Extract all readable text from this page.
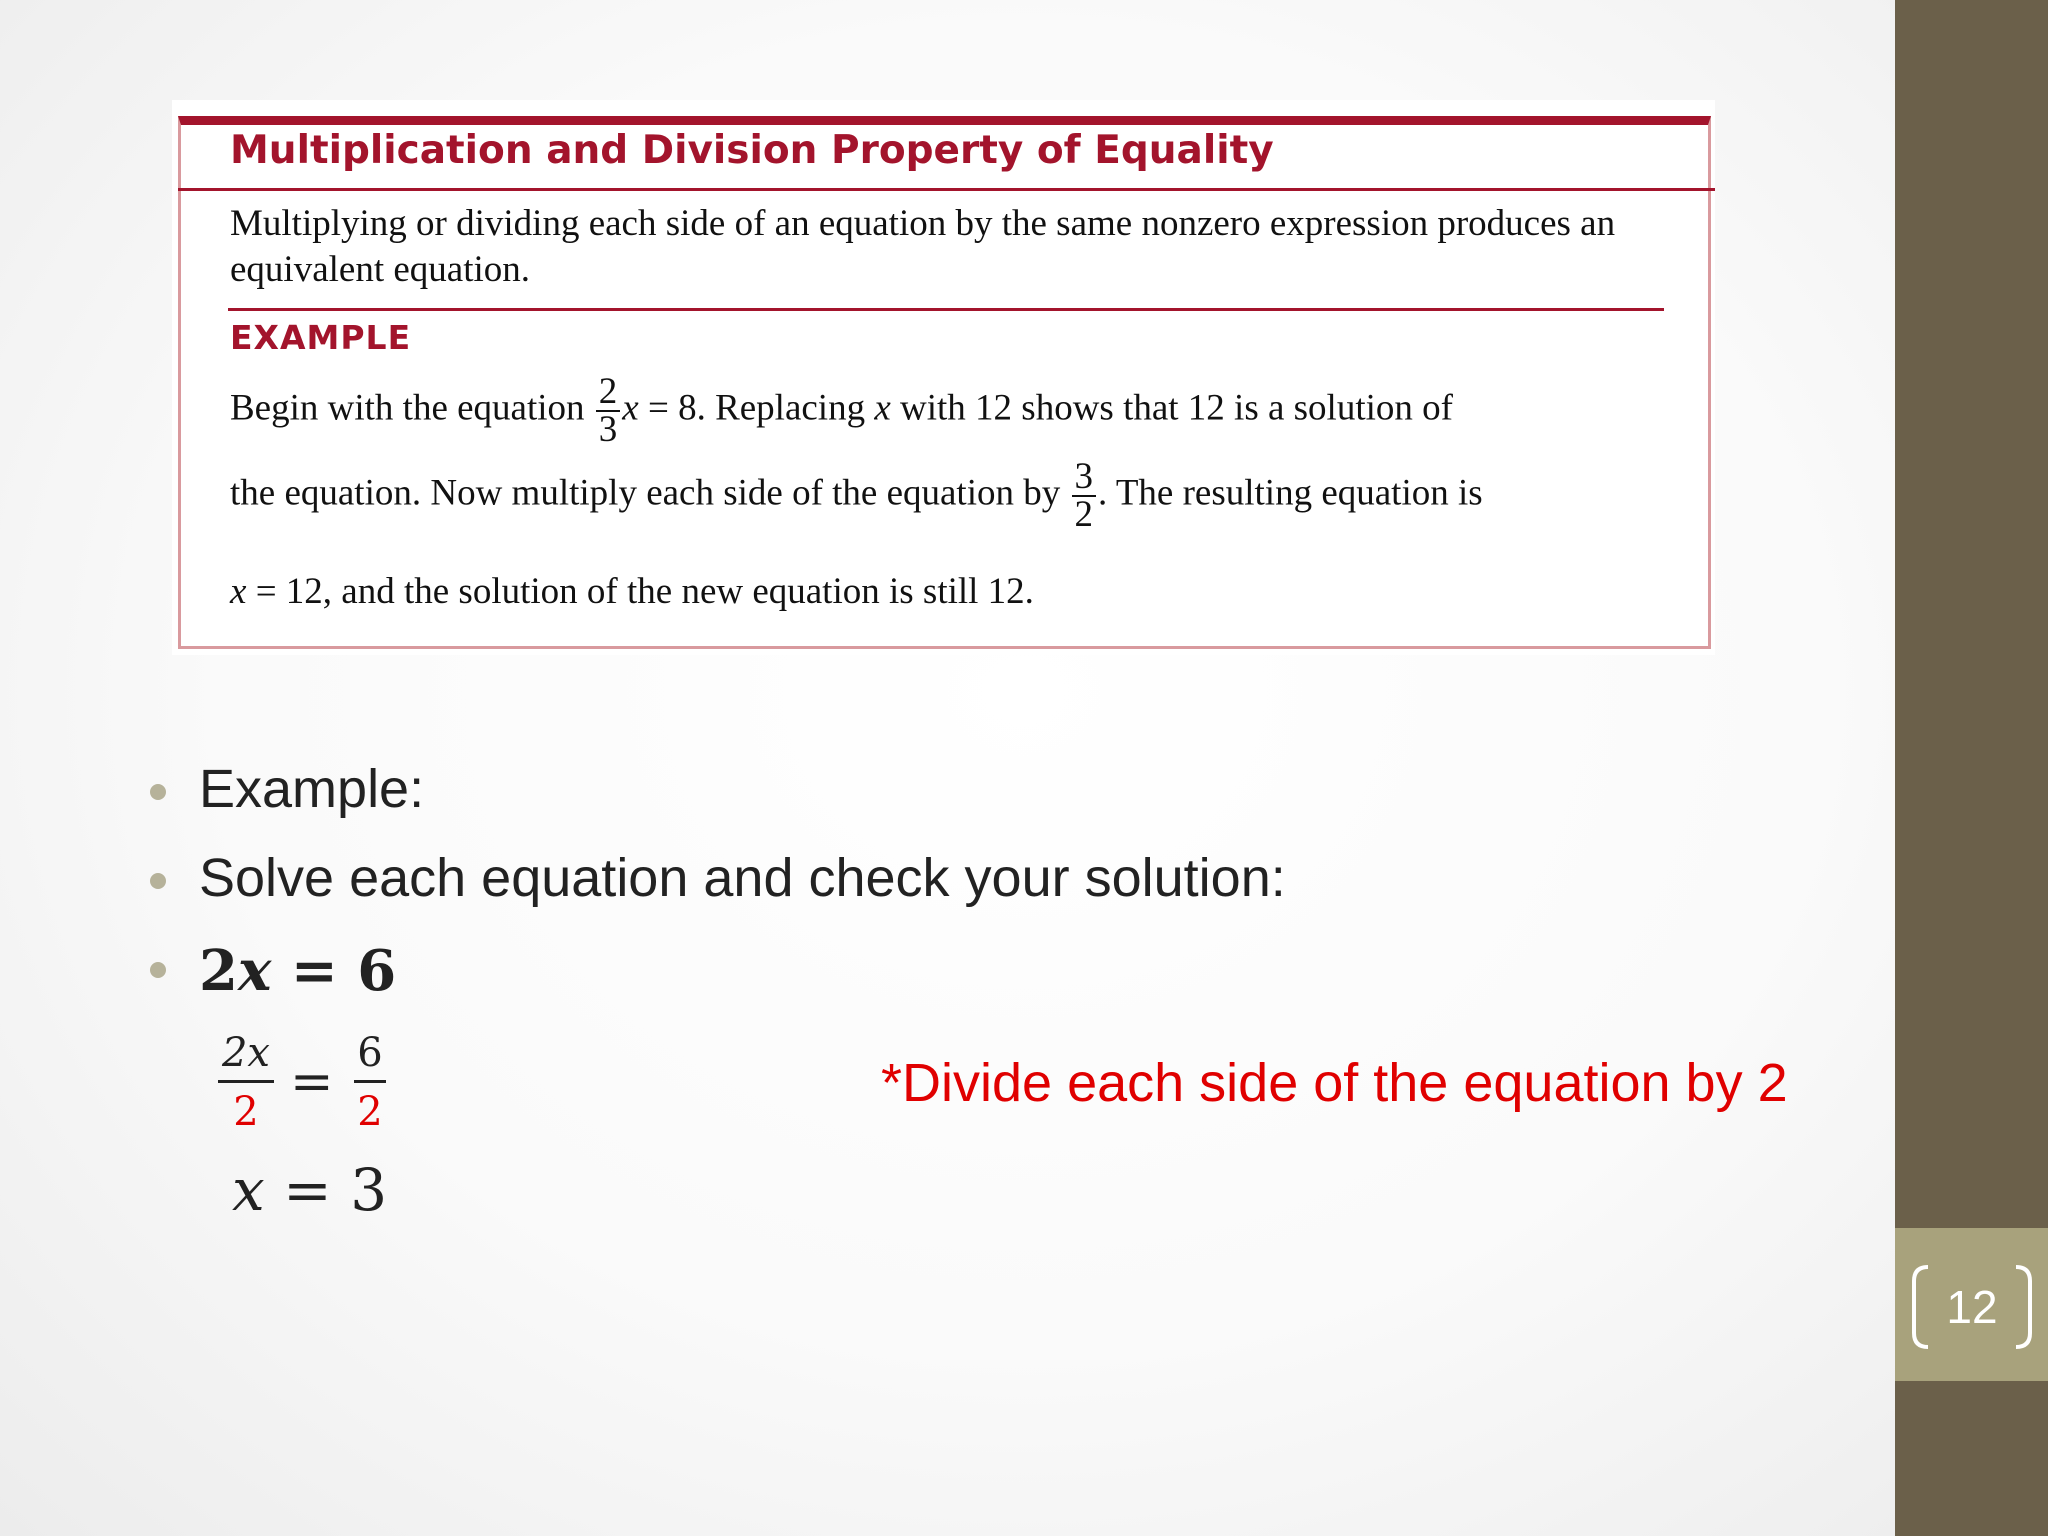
Multiplication and Division Property of Equality
Multiplying or dividing each side of an equation by the same nonzero expression produces an equivalent equation.
EXAMPLE
Begin with the equation $\frac{2}{3}$ x = 8. Replacing x with 12 shows that 12 is a solution of
the equation. Now multiply each side of the equation by $\frac{3}{2}$ . The resulting equation is
x = 12, and the solution of the new equation is still 12.
Example:
Solve each equation and check your solution:
2x = 6
2x
2 = 6
2
x = 3
*Divide each side of the equation by 2
12
